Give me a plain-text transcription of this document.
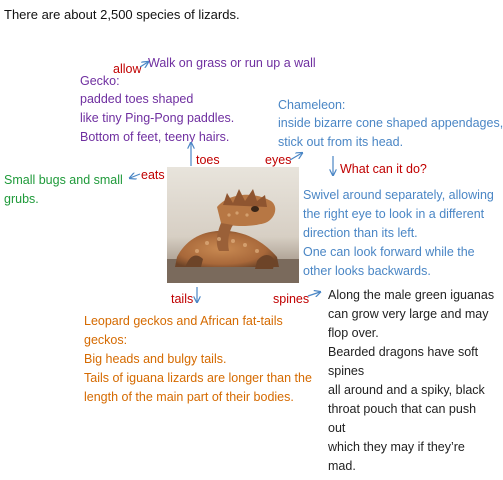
There are about 2,500 species of lizards.
allow Walk on grass or run up a wall
Gecko:
padded toes shaped
like tiny Ping-Pong paddles.
Bottom of feet, teeny hairs.
Chameleon:
inside bizarre cone shaped appendages,
stick out from its head.
toes	eyes
What can it do?
eats
Small bugs and small
grubs.	Swivel around separately, allowing
the right eye to look in a different
direction than its left.
One can look forward while the
other looks backwards.
tails	spines
Leopard geckos and African fat-tails
geckos:
Big heads and bulgy tails.
Tails of iguana lizards are longer than the
length of the main part of their bodies.
Along the male green iguanas
can grow very large and may
flop over.
Bearded dragons have soft
spines
all around and a spiky, black
throat pouch that can push
out
which they may if they’re
mad.
